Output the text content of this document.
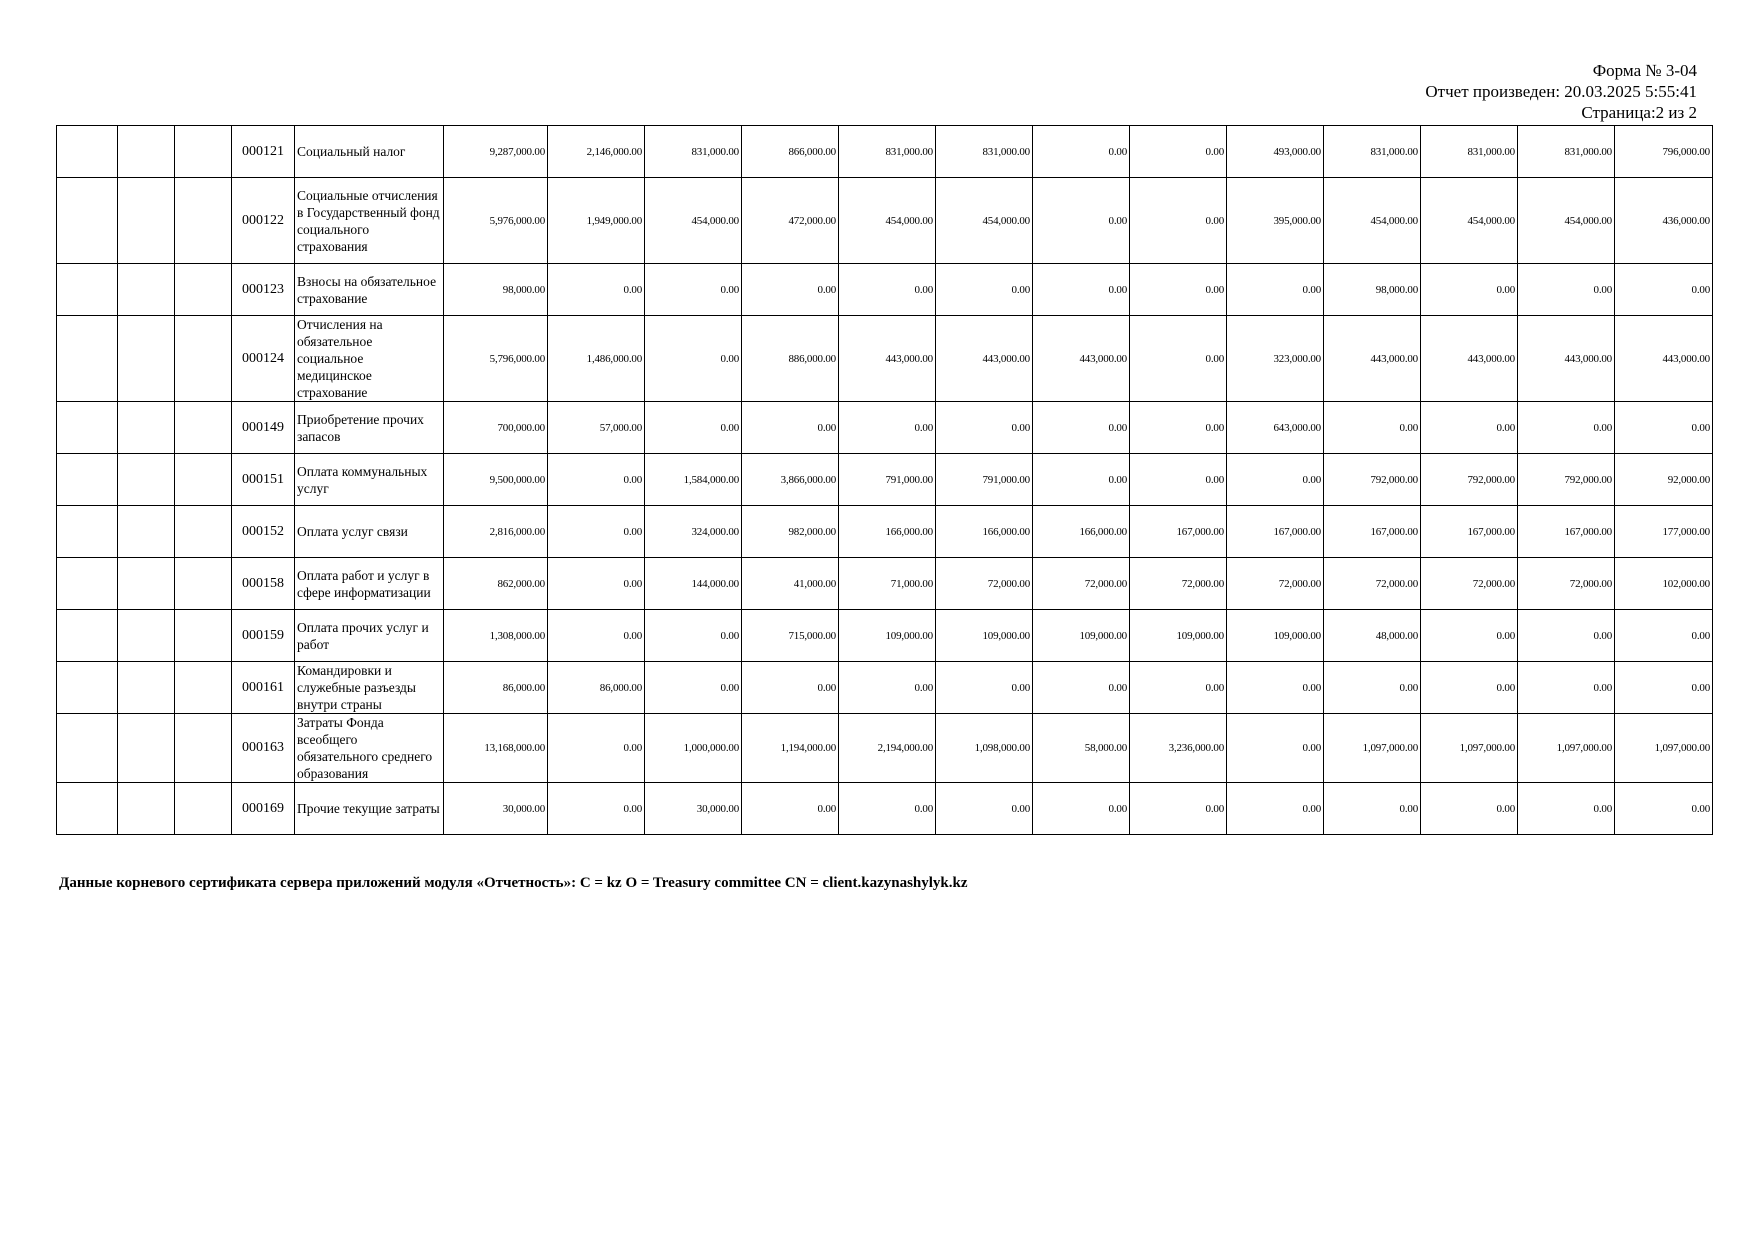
Форма № 3-04
Отчет произведен: 20.03.2025 5:55:41
Страница:2 из 2
			000121	Социальный налог	9,287,000.00	2,146,000.00	831,000.00	866,000.00	831,000.00	831,000.00	0.00	0.00	493,000.00	831,000.00	831,000.00	831,000.00	796,000.00
			000122	Социальные отчисления в Государственный фонд социального страхования	5,976,000.00	1,949,000.00	454,000.00	472,000.00	454,000.00	454,000.00	0.00	0.00	395,000.00	454,000.00	454,000.00	454,000.00	436,000.00
			000123	Взносы на обязательное страхование	98,000.00	0.00	0.00	0.00	0.00	0.00	0.00	0.00	0.00	98,000.00	0.00	0.00	0.00
			000124	Отчисления на обязательное социальное медицинское страхование	5,796,000.00	1,486,000.00	0.00	886,000.00	443,000.00	443,000.00	443,000.00	0.00	323,000.00	443,000.00	443,000.00	443,000.00	443,000.00
			000149	Приобретение прочих запасов	700,000.00	57,000.00	0.00	0.00	0.00	0.00	0.00	0.00	643,000.00	0.00	0.00	0.00	0.00
			000151	Оплата коммунальных услуг	9,500,000.00	0.00	1,584,000.00	3,866,000.00	791,000.00	791,000.00	0.00	0.00	0.00	792,000.00	792,000.00	792,000.00	92,000.00
			000152	Оплата услуг связи	2,816,000.00	0.00	324,000.00	982,000.00	166,000.00	166,000.00	166,000.00	167,000.00	167,000.00	167,000.00	167,000.00	167,000.00	177,000.00
			000158	Оплата работ и услуг в сфере информатизации	862,000.00	0.00	144,000.00	41,000.00	71,000.00	72,000.00	72,000.00	72,000.00	72,000.00	72,000.00	72,000.00	72,000.00	102,000.00
			000159	Оплата прочих услуг и работ	1,308,000.00	0.00	0.00	715,000.00	109,000.00	109,000.00	109,000.00	109,000.00	109,000.00	48,000.00	0.00	0.00	0.00
			000161	Командировки и служебные разъезды внутри страны	86,000.00	86,000.00	0.00	0.00	0.00	0.00	0.00	0.00	0.00	0.00	0.00	0.00	0.00
			000163	Затраты Фонда всеобщего обязательного среднего образования	13,168,000.00	0.00	1,000,000.00	1,194,000.00	2,194,000.00	1,098,000.00	58,000.00	3,236,000.00	0.00	1,097,000.00	1,097,000.00	1,097,000.00	1,097,000.00
			000169	Прочие текущие затраты	30,000.00	0.00	30,000.00	0.00	0.00	0.00	0.00	0.00	0.00	0.00	0.00	0.00	0.00
Данные корневого сертификата сервера приложений модуля «Отчетность»: C = kz O = Treasury committee CN = client.kazynashylyk.kz
